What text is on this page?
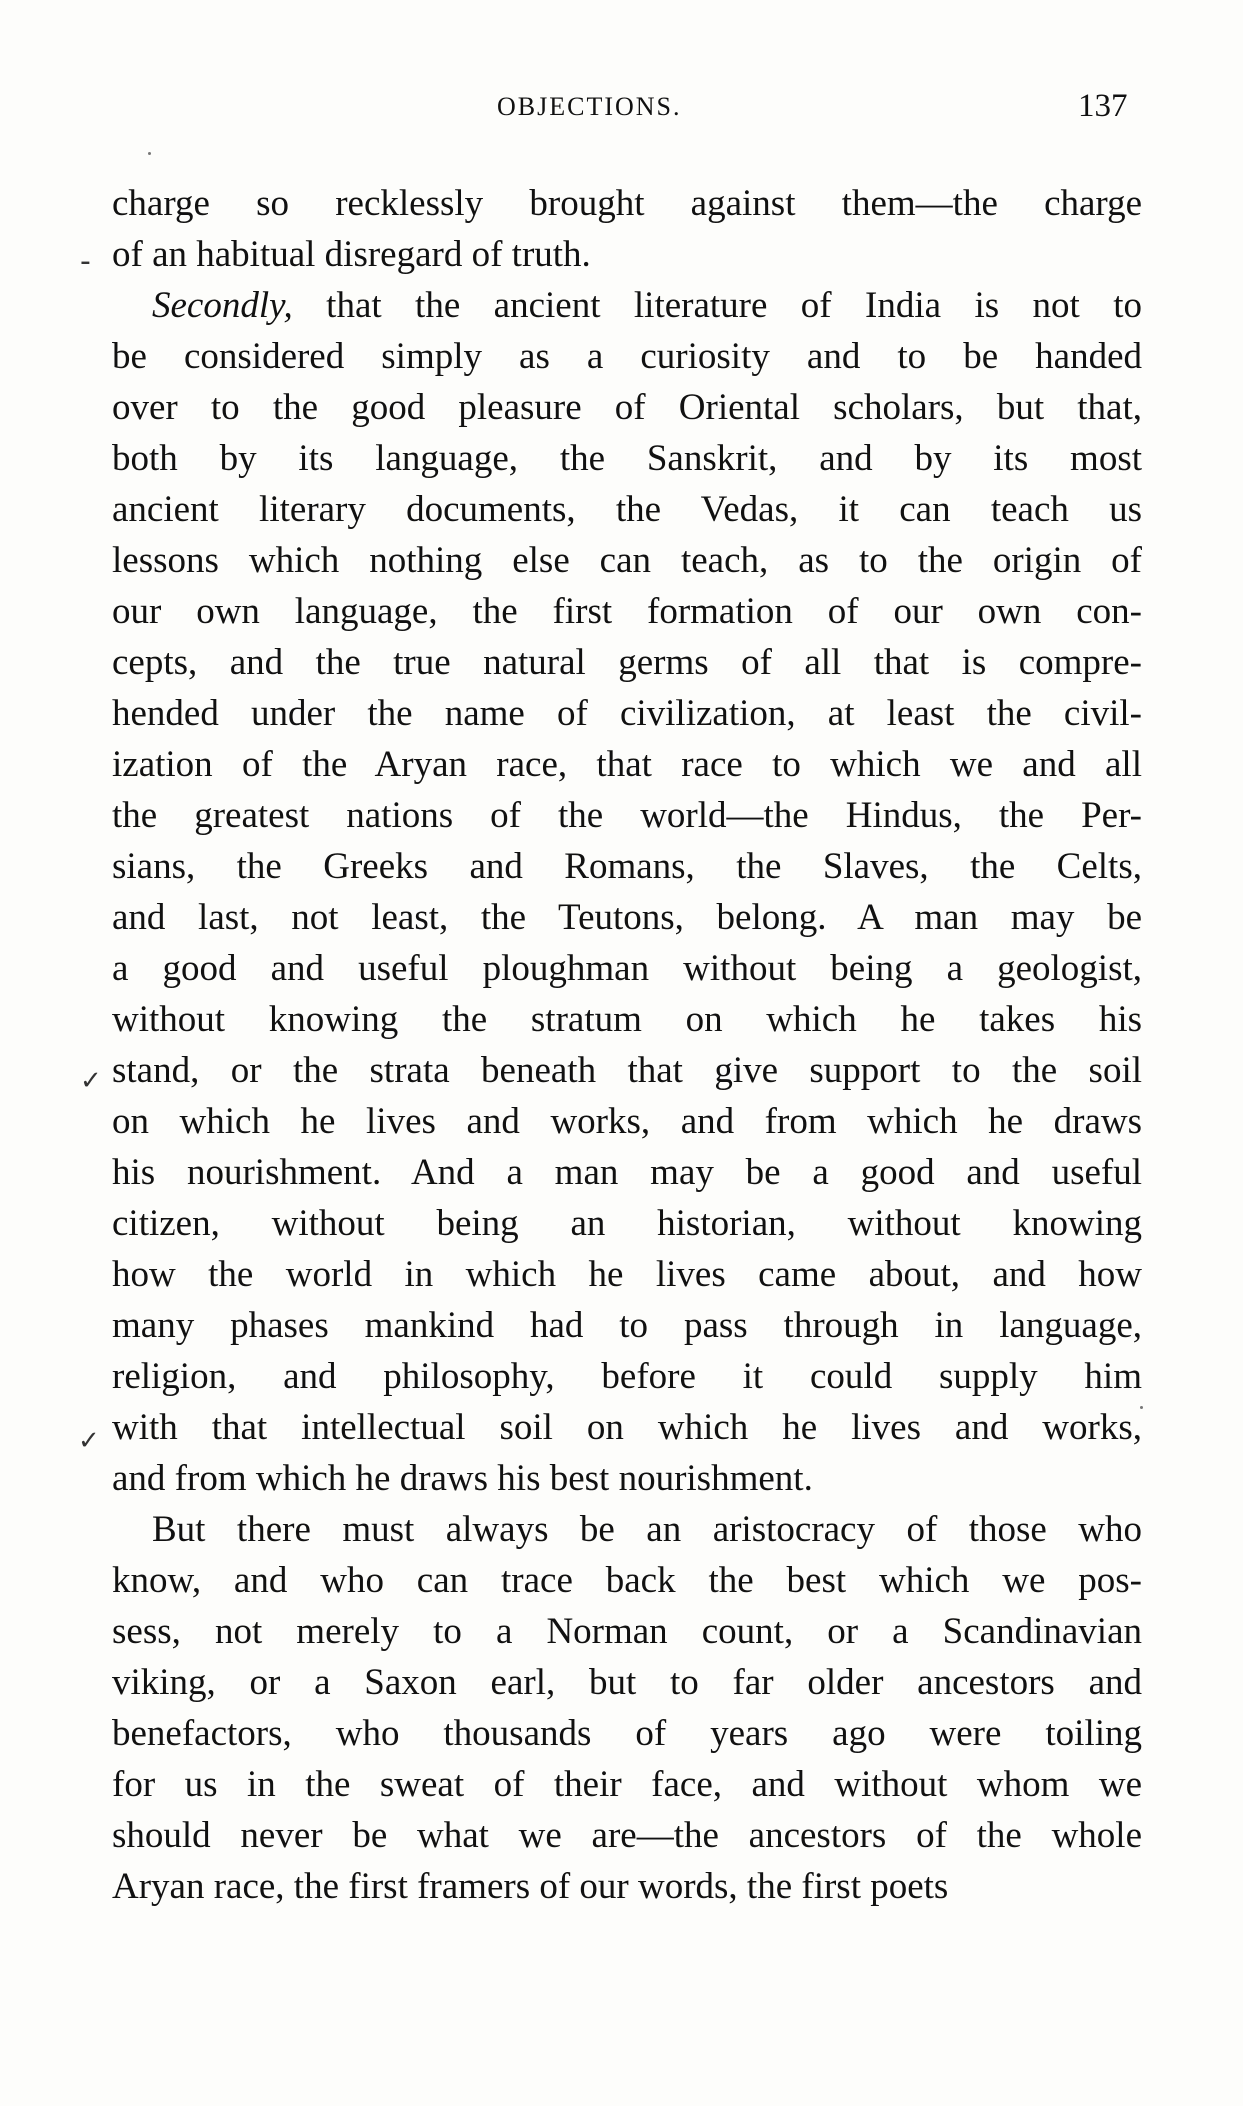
OBJECTIONS.	137
-
✓
✓
charge so recklessly brought against them—the charge
of an habitual disregard of truth.
Secondly, that the ancient literature of India is not to
be considered simply as a curiosity and to be handed
over to the good pleasure of Oriental scholars, but that,
both by its language, the Sanskrit, and by its most
ancient literary documents, the Vedas, it can teach us
lessons which nothing else can teach, as to the origin of
our own language, the first formation of our own con-
cepts, and the true natural germs of all that is compre-
hended under the name of civilization, at least the civil-
ization of the Aryan race, that race to which we and all
the greatest nations of the world—the Hindus, the Per-
sians, the Greeks and Romans, the Slaves, the Celts,
and last, not least, the Teutons, belong. A man may be
a good and useful ploughman without being a geologist,
without knowing the stratum on which he takes his
stand, or the strata beneath that give support to the soil
on which he lives and works, and from which he draws
his nourishment. And a man may be a good and useful
citizen, without being an historian, without knowing
how the world in which he lives came about, and how
many phases mankind had to pass through in language,
religion, and philosophy, before it could supply him
with that intellectual soil on which he lives and works,
and from which he draws his best nourishment.
But there must always be an aristocracy of those who
know, and who can trace back the best which we pos-
sess, not merely to a Norman count, or a Scandinavian
viking, or a Saxon earl, but to far older ancestors and
benefactors, who thousands of years ago were toiling
for us in the sweat of their face, and without whom we
should never be what we are—the ancestors of the whole
Aryan race, the first framers of our words, the first poets
